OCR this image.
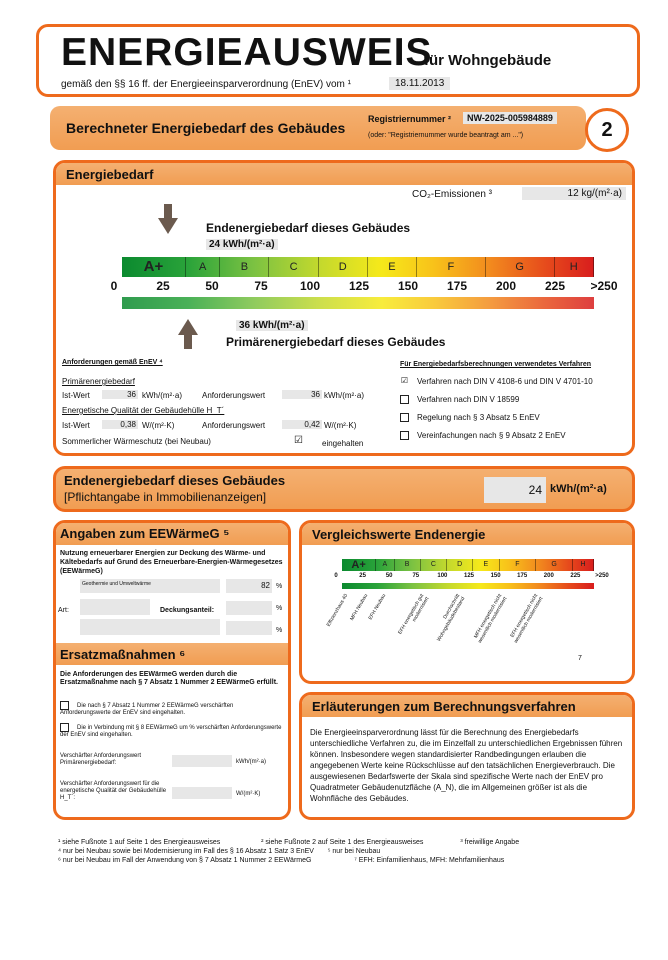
ENERGIEAUSWEIS
für Wohngebäude
gemäß den §§ 16 ff. der Energieeinsparverordnung (EnEV) vom ¹	18.11.2013
Berechneter Energiebedarf des Gebäudes
Registriernummer ²	NW-2025-005984889
(oder: "Registriernummer wurde beantragt am ...")	2
Energiebedarf
CO₂-Emissionen ³	12 kg/(m²·a)
Endenergiebedarf dieses Gebäudes
24 kWh/(m²·a)
A+	A	B	C	D	E	F	G	H
0	25	50	75	100 125 150 175 200 225 >250
36 kWh/(m²·a)
Primärenergiebedarf dieses Gebäudes
Anforderungen gemäß EnEV ⁴
Primärenergiebedarf
Ist-Wert	36 kWh/(m²·a)	Anforderungswert	36 kWh/(m²·a)
Energetische Qualität der Gebäudehülle H_T´
Ist-Wert	0,38 W/(m²·K)	Anforderungswert	0,42 W/(m²·K)
Sommerlicher Wärmeschutz (bei Neubau)	☑ eingehalten
Für Energiebedarfsberechnungen verwendetes Verfahren
☑ Verfahren nach DIN V 4108-6 und DIN V 4701-10
Verfahren nach DIN V 18599
Regelung nach § 3 Absatz 5 EnEV
Vereinfachungen nach § 9 Absatz 2 EnEV
Endenergiebedarf dieses Gebäudes
[Pflichtangabe in Immobilienanzeigen]	24 kWh/(m²·a)
Angaben zum EEWärmeG ⁵
Nutzung erneuerbarer Energien zur Deckung des Wärme- und Kältebedarfs auf Grund des Erneuerbare-Energien-Wärmegesetzes (EEWärmeG)
Geothermie und Umweltwärme	82 %
Art:	Deckungsanteil:	%
%
Ersatzmaßnahmen ⁶
Die Anforderungen des EEWärmeG werden durch die Ersatzmaßnahme nach § 7 Absatz 1 Nummer 2 EEWärmeG erfüllt.
Die nach § 7 Absatz 1 Nummer 2 EEWärmeG verschärften Anforderungswerte der EnEV sind eingehalten.
Die in Verbindung mit § 8 EEWärmeG um % verschärften Anforderungswerte der EnEV sind eingehalten.
Verschärfter Anforderungswert Primärenergiebedarf:	kWh/(m²·a)
Verschärfter Anforderungswert für die energetische Qualität der Gebäudehülle H_T´:
W/(m²·K)
Vergleichswerte Endenergie
A+	A	B	C	D	E	F	G	H
0	25	50	75	100	125	150	175	200	225 >250
Effizienzhaus 40 MFH Neubau
EFH Neubau	EFH energetisch gut modernisiert	Durchschnitt Wohngebäudebestand	MFH energetisch nicht wesentlich modernisiert EFH energetisch nicht wesentlich modernisiert
7
Erläuterungen zum Berechnungsverfahren
Die Energieeinsparverordnung lässt für die Berechnung des Energiebedarfs unterschiedliche Verfahren zu, die im Einzelfall zu unterschiedlichen Ergebnissen führen können. Insbesondere wegen standardisierter Randbedingungen erlauben die angegebenen Werte keine Rückschlüsse auf den tatsächlichen Energieverbrauch. Die ausgewiesenen Bedarfswerte der Skala sind spezifische Werte nach der EnEV pro Quadratmeter Gebäudenutzfläche (A_N), die im Allgemeinen größer ist als die Wohnfläche des Gebäudes.
¹ siehe Fußnote 1 auf Seite 1 des Energieausweises	² siehe Fußnote 2 auf Seite 1 des Energieausweises	³ freiwillige Angabe
⁴ nur bei Neubau sowie bei Modernisierung im Fall des § 16 Absatz 1 Satz 3 EnEV ⁵ nur bei Neubau
⁶ nur bei Neubau im Fall der Anwendung von § 7 Absatz 1 Nummer 2 EEWärmeG	⁷ EFH: Einfamilienhaus, MFH: Mehrfamilienhaus
